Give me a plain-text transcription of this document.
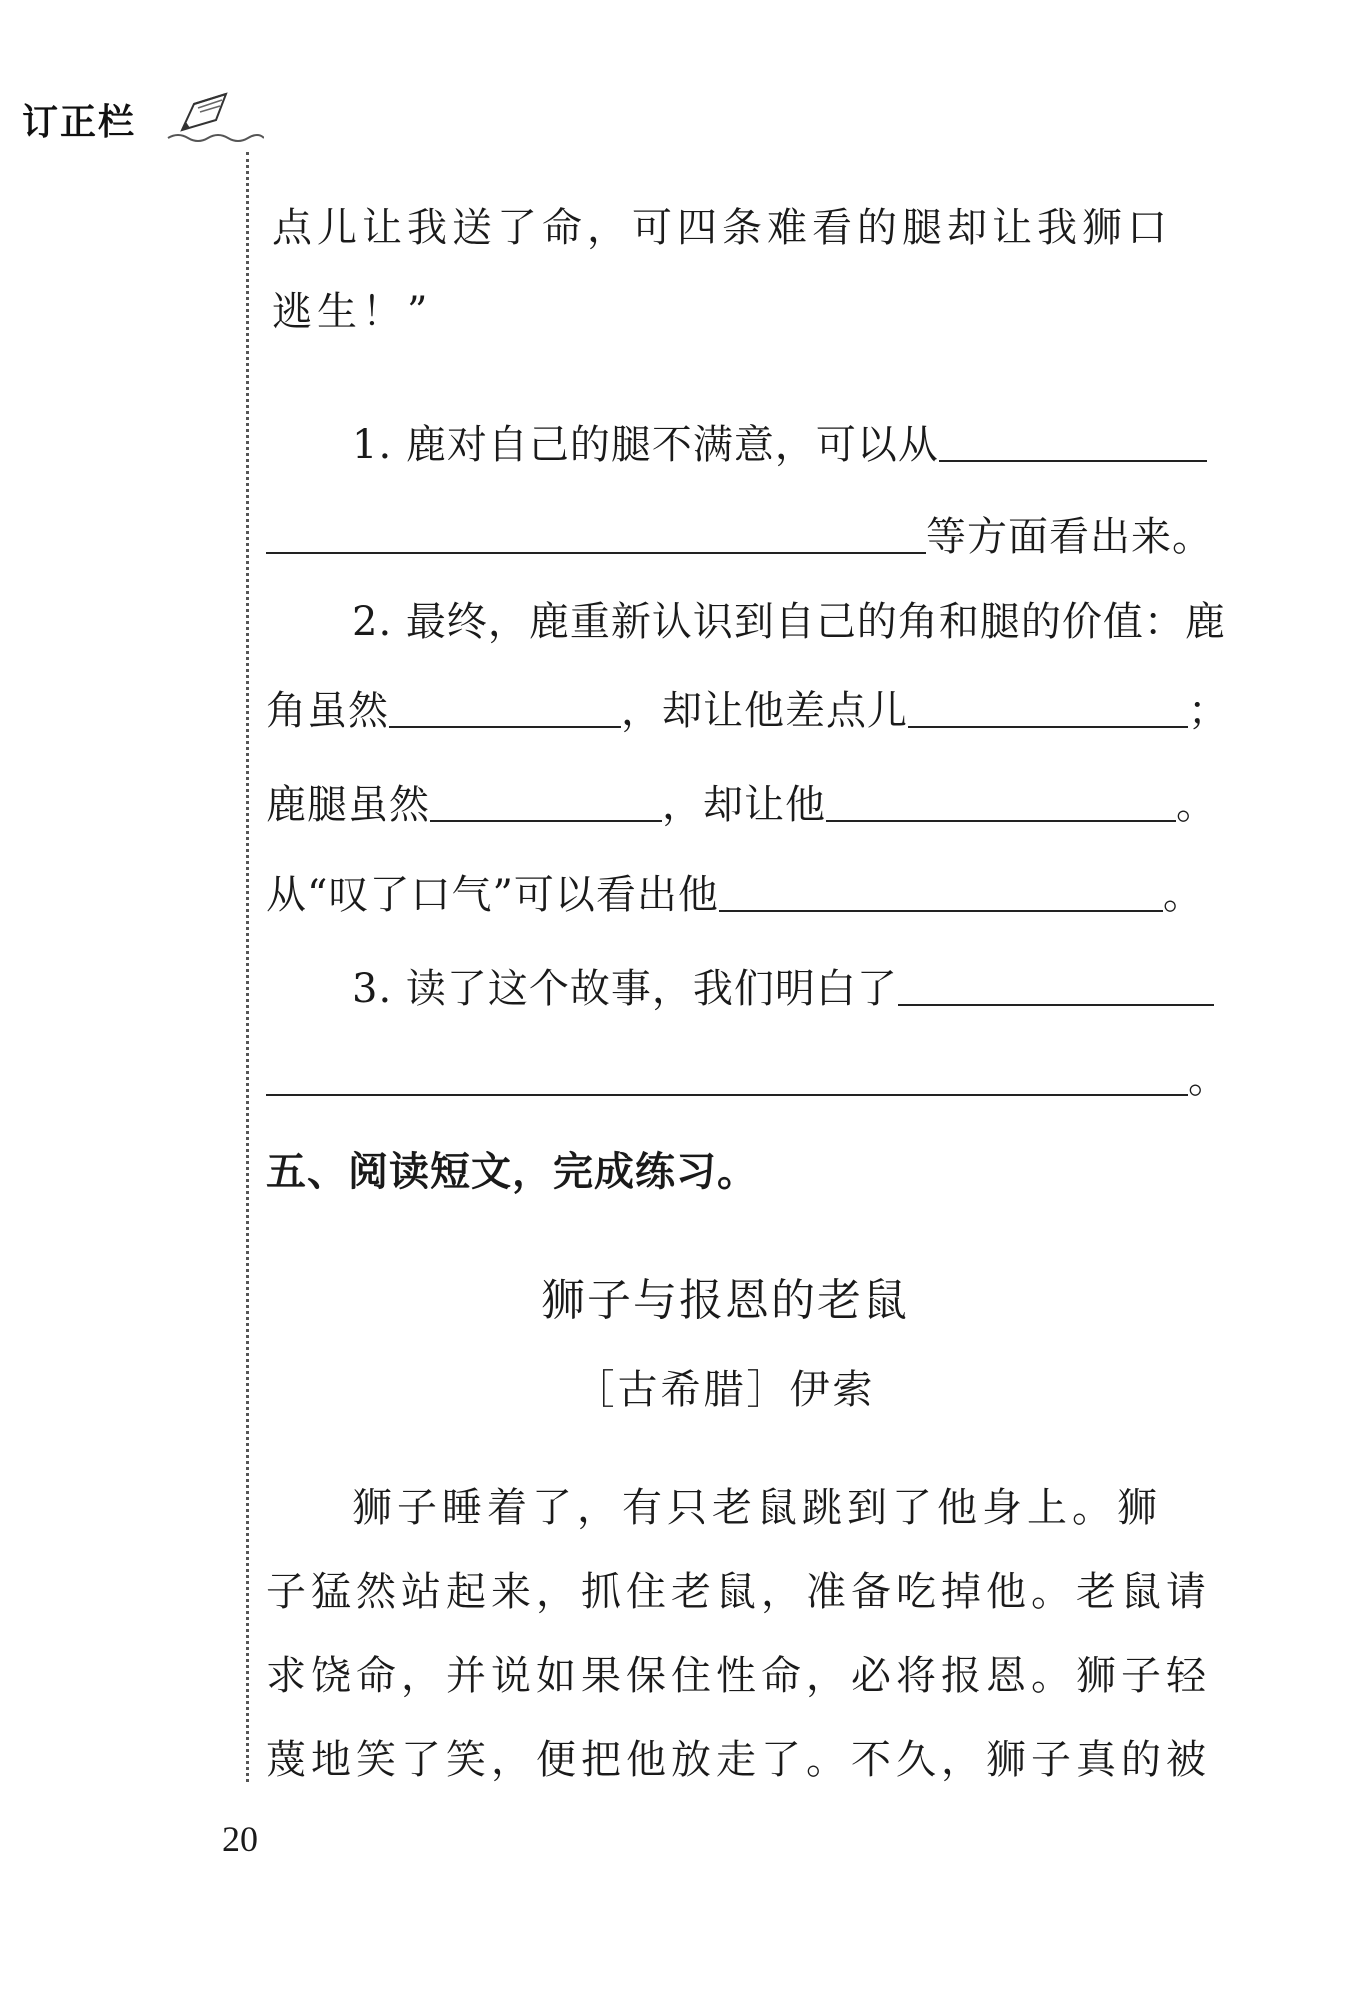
订正栏
点儿让我送了命，可四条难看的腿却让我狮口
逃生！”
1. 鹿对自己的腿不满意，可以从
等方面看出来。
2. 最终，鹿重新认识到自己的角和腿的价值：鹿
角虽然	，却让他差点儿	；
鹿腿虽然	，却让他	。
从“叹了口气”可以看出他	。
3. 读了这个故事，我们明白了
。
五、阅读短文，完成练习。
狮子与报恩的老鼠
［古希腊］伊索
狮子睡着了，有只老鼠跳到了他身上。狮
子猛然站起来，抓住老鼠，准备吃掉他。老鼠请
求饶命，并说如果保住性命，必将报恩。狮子轻
蔑地笑了笑，便把他放走了。不久，狮子真的被
20
